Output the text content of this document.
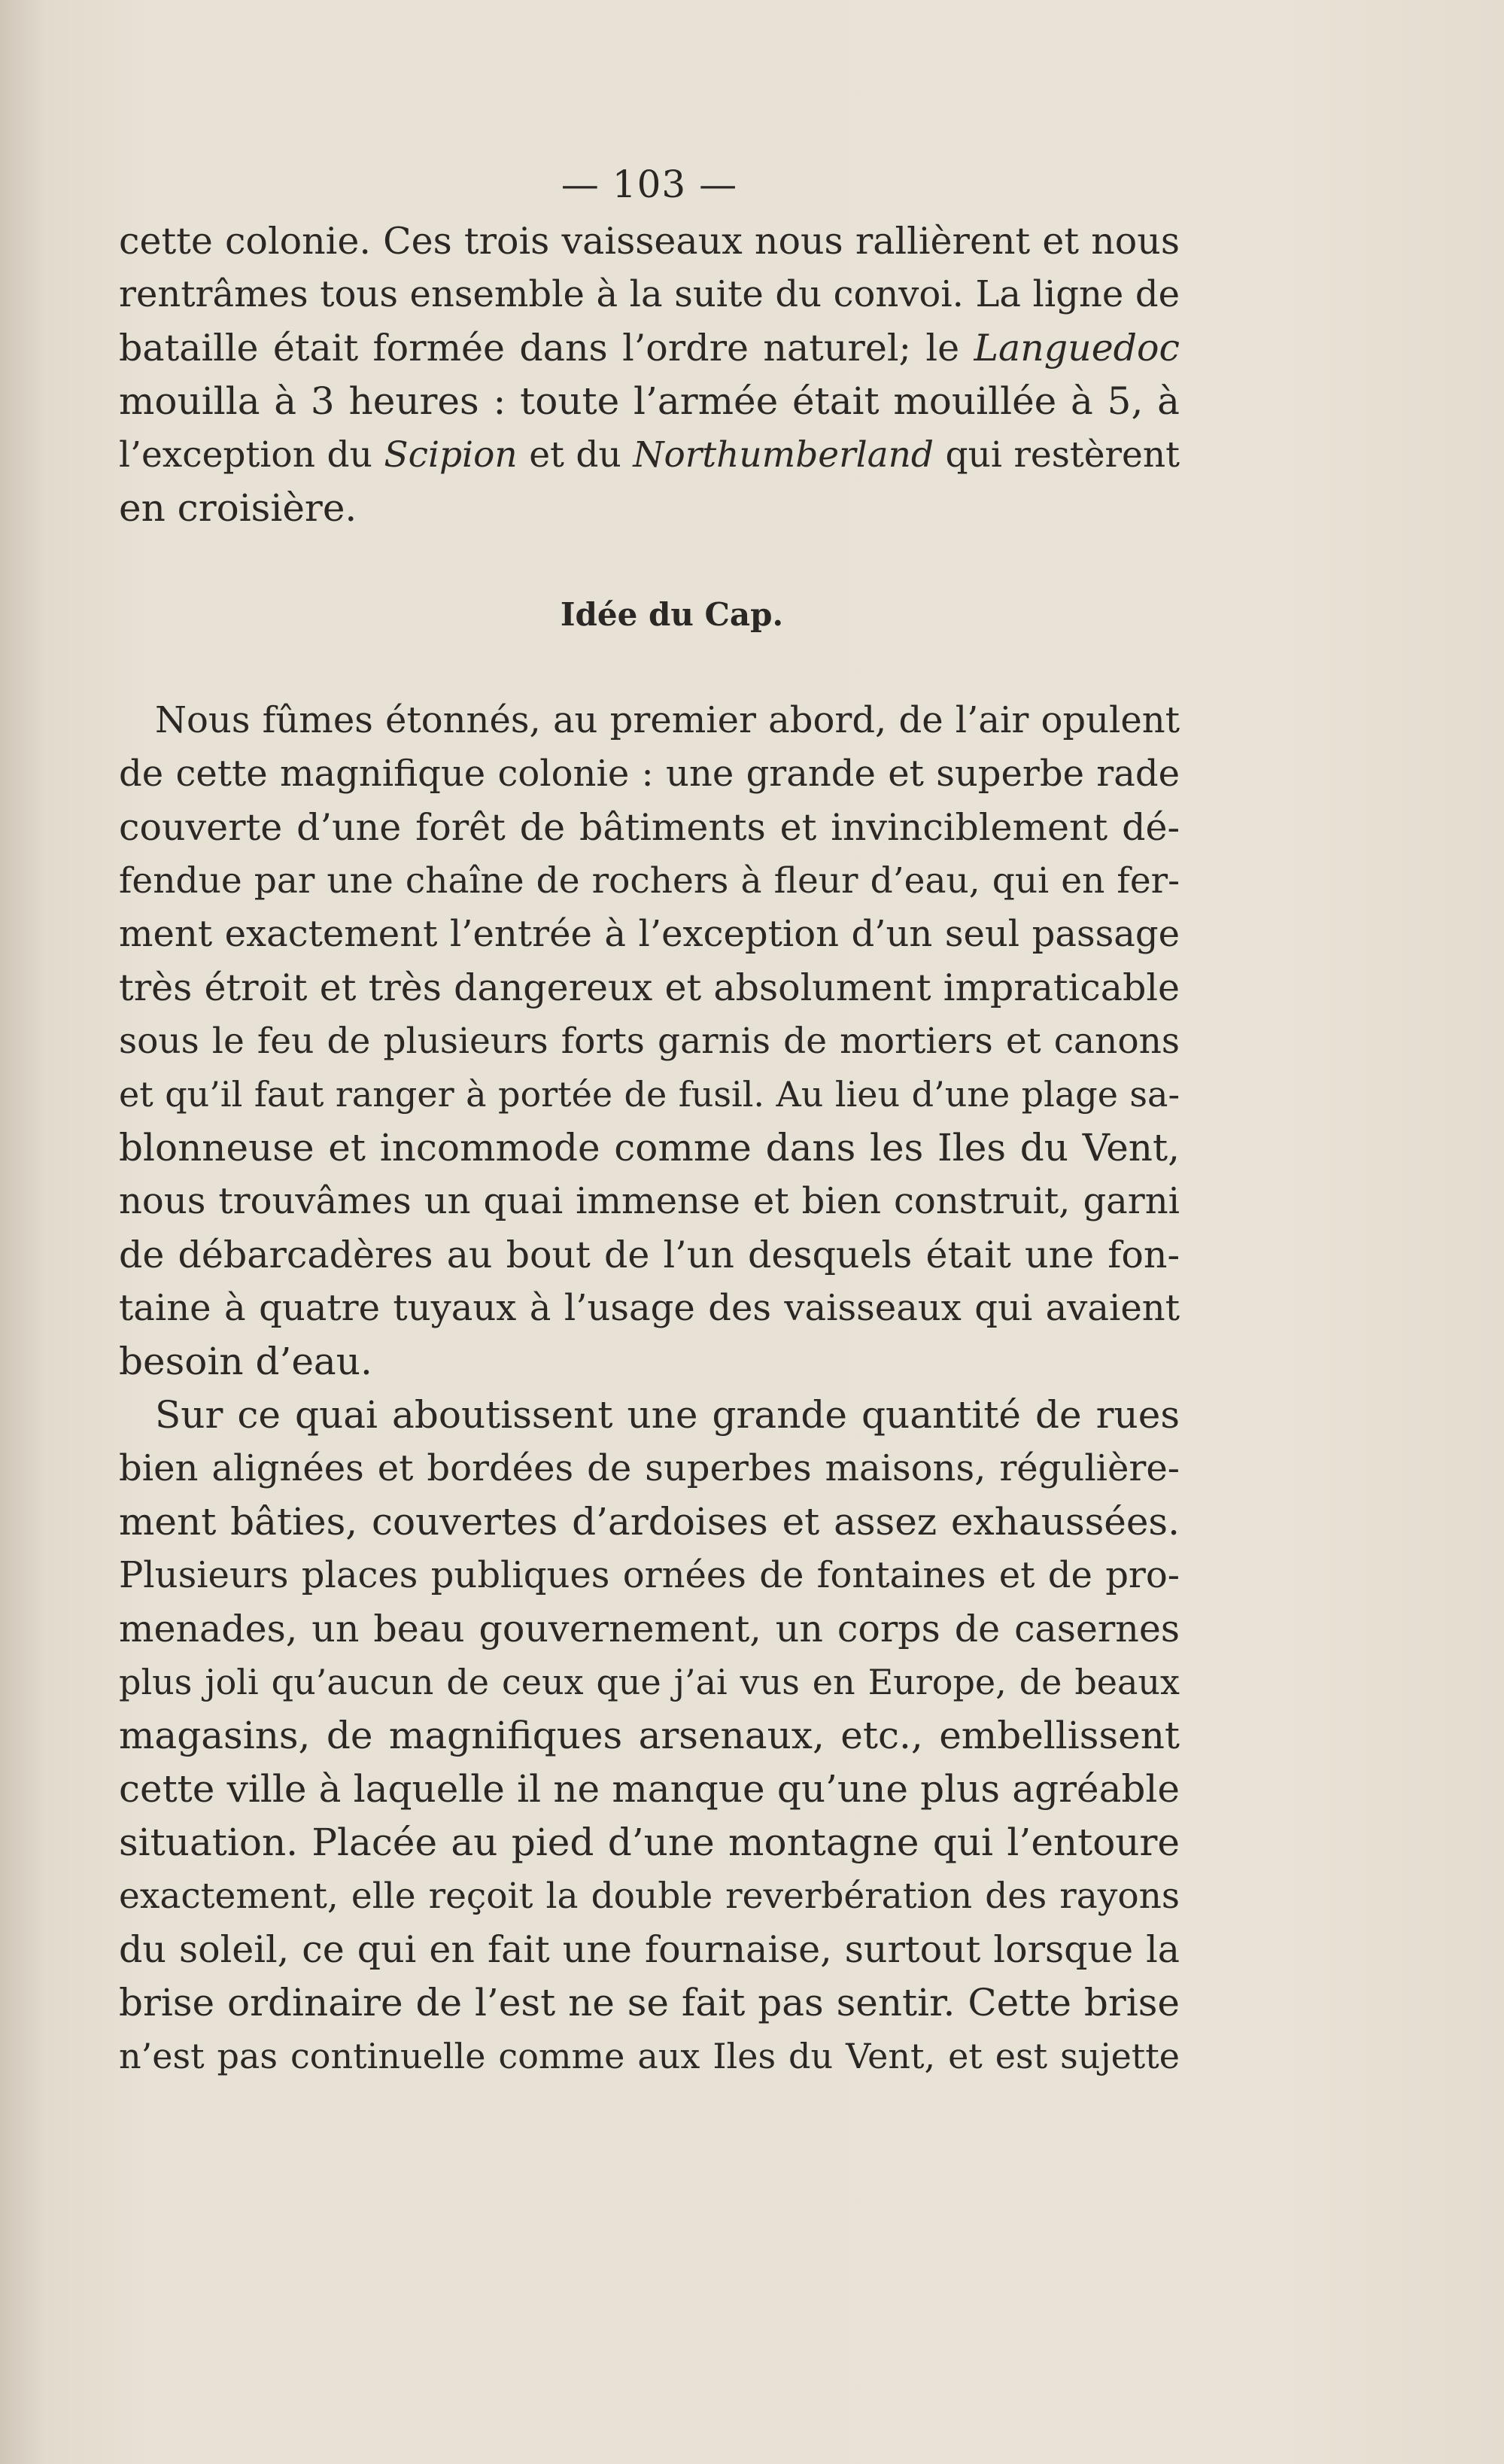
— 103 —
cette colonie. Ces trois vaisseaux nous rallièrent et nous
rentrâmes tous ensemble à la suite du convoi. La ligne de
bataille était formée dans l’ordre naturel; le Languedoc
mouilla à 3 heures : toute l’armée était mouillée à 5, à
l’exception du Scipion et du Northumberland qui restèrent
en croisière.
Idée du Cap.
Nous fûmes étonnés, au premier abord, de l’air opulent
de cette magnifique colonie : une grande et superbe rade
couverte d’une forêt de bâtiments et invinciblement dé-
fendue par une chaîne de rochers à fleur d’eau, qui en fer-
ment exactement l’entrée à l’exception d’un seul passage
très étroit et très dangereux et absolument impraticable
sous le feu de plusieurs forts garnis de mortiers et canons
et qu’il faut ranger à portée de fusil. Au lieu d’une plage sa-
blonneuse et incommode comme dans les Iles du Vent,
nous trouvâmes un quai immense et bien construit, garni
de débarcadères au bout de l’un desquels était une fon-
taine à quatre tuyaux à l’usage des vaisseaux qui avaient
besoin d’eau.
Sur ce quai aboutissent une grande quantité de rues
bien alignées et bordées de superbes maisons, régulière-
ment bâties, couvertes d’ardoises et assez exhaussées.
Plusieurs places publiques ornées de fontaines et de pro-
menades, un beau gouvernement, un corps de casernes
plus joli qu’aucun de ceux que j’ai vus en Europe, de beaux
magasins, de magnifiques arsenaux, etc., embellissent
cette ville à laquelle il ne manque qu’une plus agréable
situation. Placée au pied d’une montagne qui l’entoure
exactement, elle reçoit la double reverbération des rayons
du soleil, ce qui en fait une fournaise, surtout lorsque la
brise ordinaire de l’est ne se fait pas sentir. Cette brise
n’est pas continuelle comme aux Iles du Vent, et est sujette
